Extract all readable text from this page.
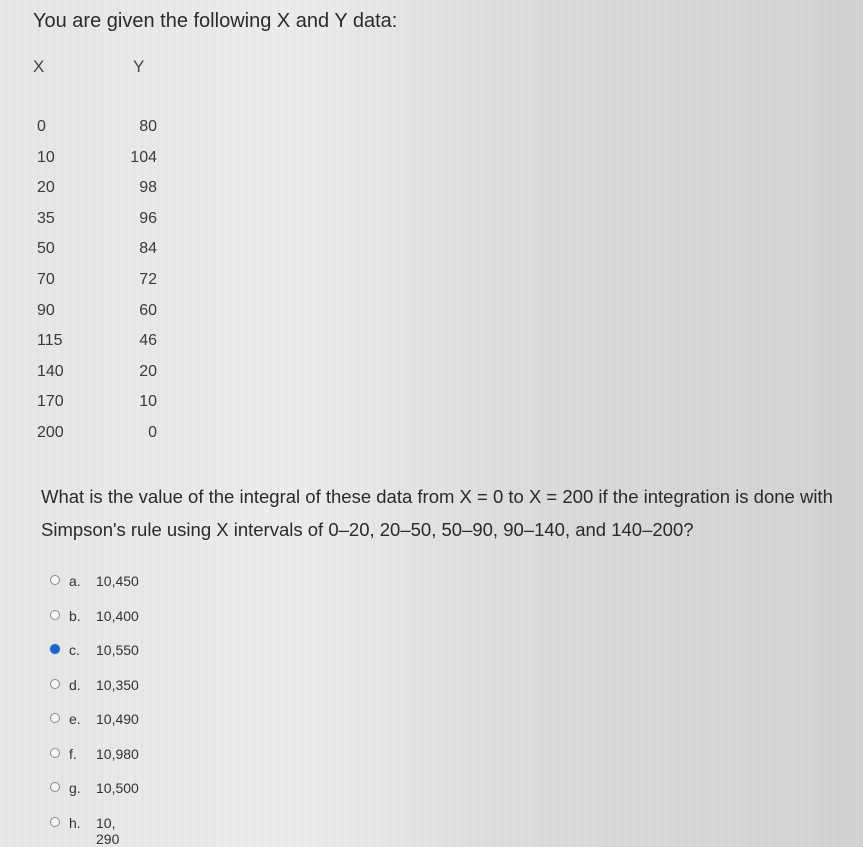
You are given the following X and Y data:
X	Y
0	80
10	104
20	98
35	96
50	84
70	72
90	60
115	46
140	20
170	10
200	0
What is the value of the integral of these data from X = 0 to X = 200 if the integration is done with
Simpson's rule using X intervals of 0–20, 20–50, 50–90, 90–140, and 140–200?
a. 10,450
b. 10,400
c. 10,550
d. 10,350
e. 10,490
f. 10,980
g. 10,500
h. 10, 290
